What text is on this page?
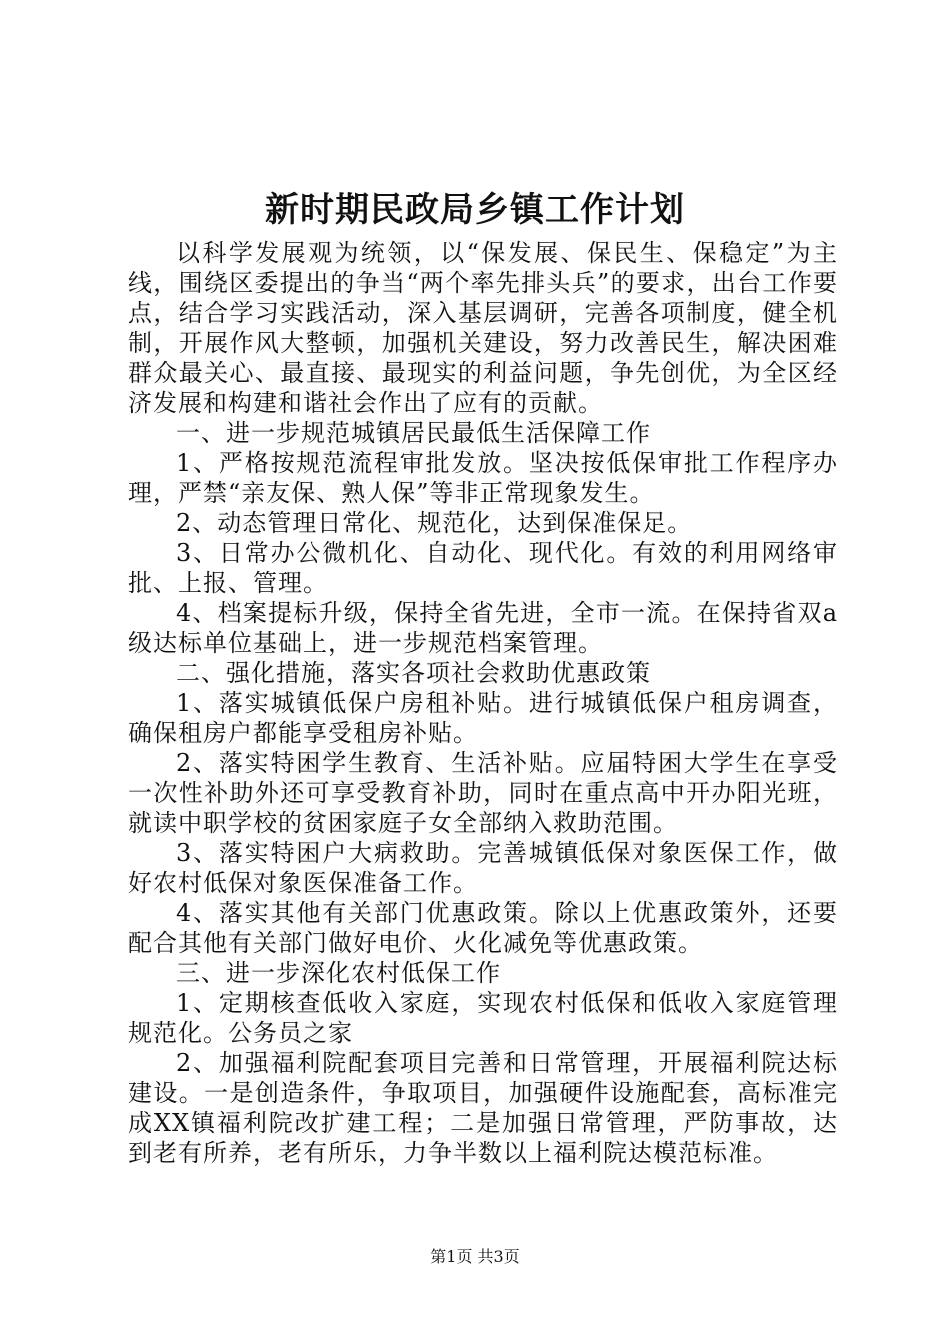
新时期民政局乡镇工作计划

以科学发展观为统领，以“保发展、保民生、保稳定”为主线，围绕区委提出的争当“两个率先排头兵”的要求，出台工作要点，结合学习实践活动，深入基层调研，完善各项制度，健全机制，开展作风大整顿，加强机关建设，努力改善民生，解决困难群众最关心、最直接、最现实的利益问题，争先创优，为全区经济发展和构建和谐社会作出了应有的贡献。

一、进一步规范城镇居民最低生活保障工作

1、严格按规范流程审批发放。坚决按低保审批工作程序办理，严禁“亲友保、熟人保”等非正常现象发生。

2、动态管理日常化、规范化，达到保准保足。

3、日常办公微机化、自动化、现代化。有效的利用网络审批、上报、管理。

4、档案提标升级，保持全省先进，全市一流。在保持省双a级达标单位基础上，进一步规范档案管理。

二、强化措施，落实各项社会救助优惠政策

1、落实城镇低保户房租补贴。进行城镇低保户租房调查，确保租房户都能享受租房补贴。

2、落实特困学生教育、生活补贴。应届特困大学生在享受一次性补助外还可享受教育补助，同时在重点高中开办阳光班，就读中职学校的贫困家庭子女全部纳入救助范围。

3、落实特困户大病救助。完善城镇低保对象医保工作，做好农村低保对象医保准备工作。

4、落实其他有关部门优惠政策。除以上优惠政策外，还要配合其他有关部门做好电价、火化减免等优惠政策。

三、进一步深化农村低保工作

1、定期核查低收入家庭，实现农村低保和低收入家庭管理规范化。公务员之家

2、加强福利院配套项目完善和日常管理，开展福利院达标建设。一是创造条件，争取项目，加强硬件设施配套，高标准完成XX镇福利院改扩建工程；二是加强日常管理，严防事故，达到老有所养，老有所乐，力争半数以上福利院达模范标准。

第1页 共3页
